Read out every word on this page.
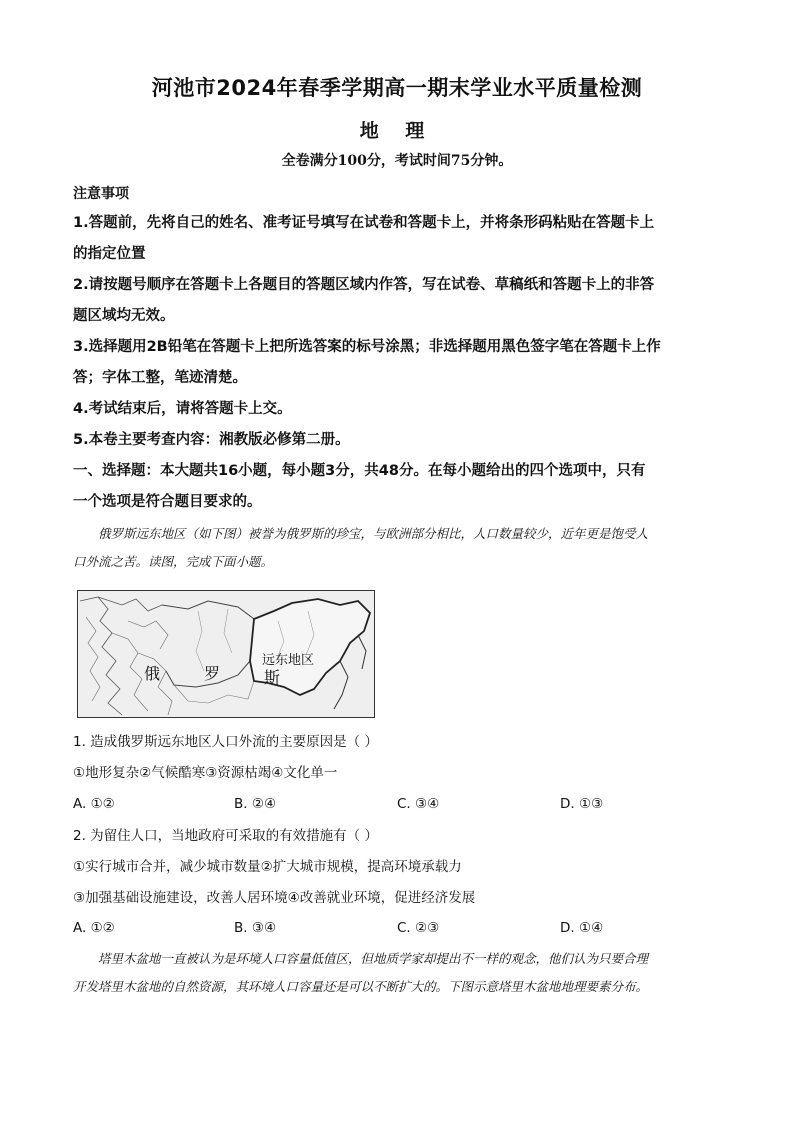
河池市2024年春季学期高一期末学业水平质量检测
地 理
全卷满分100分，考试时间75分钟。
注意事项
1.答题前，先将自己的姓名、准考证号填写在试卷和答题卡上，并将条形码粘贴在答题卡上
的指定位置
2.请按题号顺序在答题卡上各题目的答题区域内作答，写在试卷、草稿纸和答题卡上的非答
题区域均无效。
3.选择题用2B铅笔在答题卡上把所选答案的标号涂黑；非选择题用黑色签字笔在答题卡上作
答；字体工整，笔迹清楚。
4.考试结束后，请将答题卡上交。
5.本卷主要考查内容：湘教版必修第二册。
一、选择题：本大题共16小题，每小题3分，共48分。在每小题给出的四个选项中，只有
一个选项是符合题目要求的。
俄罗斯远东地区（如下图）被誉为俄罗斯的珍宝，与欧洲部分相比，人口数量较少，近年更是饱受人
口外流之苦。读图，完成下面小题。
俄	罗	斯
远东地区
1. 造成俄罗斯远东地区人口外流的主要原因是（ ）
①地形复杂②气候酷寒③资源枯竭④文化单一
A. ①②	B. ②④	C. ③④	D. ①③
2. 为留住人口，当地政府可采取的有效措施有（ ）
①实行城市合并，减少城市数量②扩大城市规模，提高环境承载力
③加强基础设施建设，改善人居环境④改善就业环境，促进经济发展
A. ①②	B. ③④	C. ②③	D. ①④
塔里木盆地一直被认为是环境人口容量低值区，但地质学家却提出不一样的观念，他们认为只要合理
开发塔里木盆地的自然资源，其环境人口容量还是可以不断扩大的。下图示意塔里木盆地地理要素分布。
